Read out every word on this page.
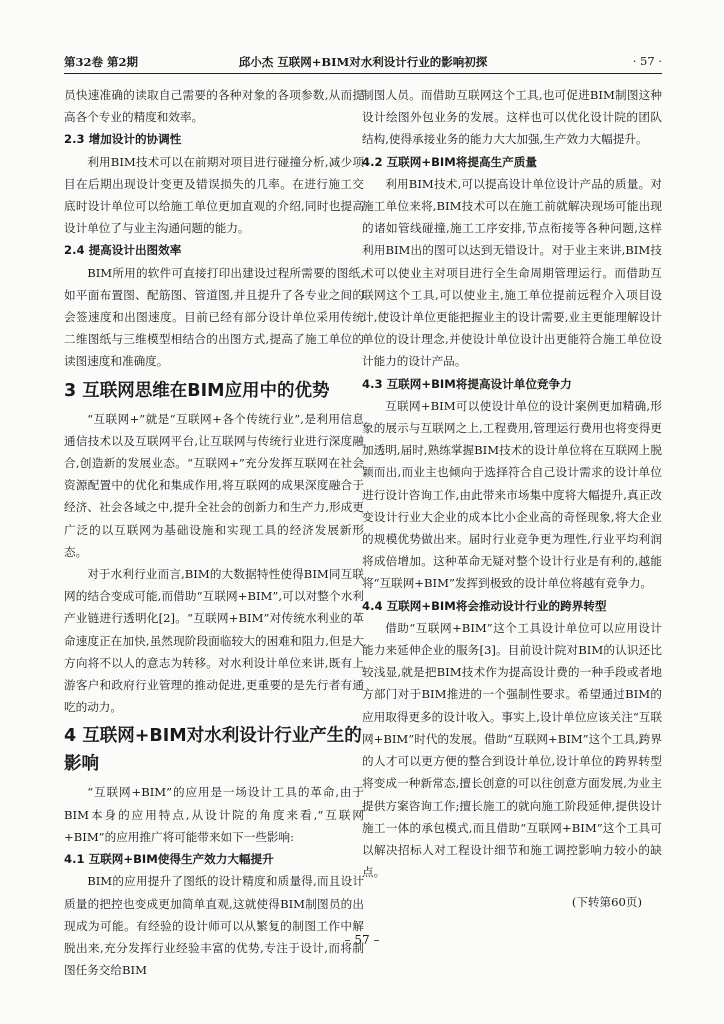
第32卷 第2期	邱小杰 互联网+BIM对水利设计行业的影响初探	· 57 ·

员快速准确的读取自己需要的各种对象的各项参数,从而提高各个专业的精度和效率。

2.3 增加设计的协调性

利用BIM技术可以在前期对项目进行碰撞分析,减少项目在后期出现设计变更及错误损失的几率。在进行施工交底时设计单位可以给施工单位更加直观的介绍,同时也提高设计单位了与业主沟通问题的能力。

2.4 提高设计出图效率

BIM所用的软件可直接打印出建设过程所需要的图纸,如平面布置图、配筋图、管道图,并且提升了各专业之间的会签速度和出图速度。目前已经有部分设计单位采用传统二维图纸与三维模型相结合的出图方式,提高了施工单位的读图速度和准确度。

3 互联网思维在BIM应用中的优势

“互联网+”就是“互联网+各个传统行业”,是利用信息通信技术以及互联网平台,让互联网与传统行业进行深度融合,创造新的发展业态。“互联网+”充分发挥互联网在社会资源配置中的优化和集成作用,将互联网的成果深度融合于经济、社会各域之中,提升全社会的创新力和生产力,形成更广泛的以互联网为基础设施和实现工具的经济发展新形态。

对于水利行业而言,BIM的大数据特性使得BIM同互联网的结合变成可能,而借助“互联网+BIM”,可以对整个水利产业链进行透明化[2]。“互联网+BIM”对传统水利业的革命速度正在加快,虽然现阶段面临较大的困难和阻力,但是大方向将不以人的意志为转移。对水利设计单位来讲,既有上游客户和政府行业管理的推动促进,更重要的是先行者有通吃的动力。

4 互联网+BIM对水利设计行业产生的影响

“互联网+BIM”的应用是一场设计工具的革命,由于BIM本身的应用特点,从设计院的角度来看,“互联网+BIM”的应用推广将可能带来如下一些影响:

4.1 互联网+BIM使得生产效力大幅提升

BIM的应用提升了图纸的设计精度和质量得,而且设计质量的把控也变成更加简单直观,这就使得BIM制图员的出现成为可能。有经验的设计师可以从繁复的制图工作中解脱出来,充分发挥行业经验丰富的优势,专注于设计,而将制图任务交给BIM

制图人员。而借助互联网这个工具,也可促进BIM制图这种设计绘图外包业务的发展。这样也可以优化设计院的团队结构,使得承接业务的能力大大加强,生产效力大幅提升。

4.2 互联网+BIM将提高生产质量

利用BIM技术,可以提高设计单位设计产品的质量。对施工单位来将,BIM技术可以在施工前就解决现场可能出现的诸如管线碰撞,施工工序安排,节点衔接等各种问题,这样利用BIM出的图可以达到无错设计。对于业主来讲,BIM技术可以使业主对项目进行全生命周期管理运行。而借助互联网这个工具,可以使业主,施工单位提前远程介入项目设计,使设计单位更能把握业主的设计需要,业主更能理解设计单位的设计理念,并使设计单位设计出更能符合施工单位设计能力的设计产品。

4.3 互联网+BIM将提高设计单位竞争力

互联网+BIM可以使设计单位的设计案例更加精确,形象的展示与互联网之上,工程费用,管理运行费用也将变得更加透明,届时,熟练掌握BIM技术的设计单位将在互联网上脱颖而出,而业主也倾向于选择符合自己设计需求的设计单位进行设计咨询工作,由此带来市场集中度将大幅提升,真正改变设计行业大企业的成本比小企业高的奇怪现象,将大企业的规模优势做出来。届时行业竞争更为理性,行业平均利润将成倍增加。这种革命无疑对整个设计行业是有利的,越能将“互联网+BIM”发挥到极致的设计单位将越有竞争力。

4.4 互联网+BIM将会推动设计行业的跨界转型

借助“互联网+BIM”这个工具设计单位可以应用设计能力来延伸企业的服务[3]。目前设计院对BIM的认识还比较浅显,就是把BIM技术作为提高设计费的一种手段或者地方部门对于BIM推进的一个强制性要求。希望通过BIM的应用取得更多的设计收入。事实上,设计单位应该关注“互联网+BIM”时代的发展。借助“互联网+BIM”这个工具,跨界的人才可以更方便的整合到设计单位,设计单位的跨界转型将变成一种新常态,擅长创意的可以往创意方面发展,为业主提供方案咨询工作;擅长施工的就向施工阶段延伸,提供设计施工一体的承包模式,而且借助“互联网+BIM”这个工具可以解决招标人对工程设计细节和施工调控影响力较小的缺点。

(下转第60页)
– 57 –
